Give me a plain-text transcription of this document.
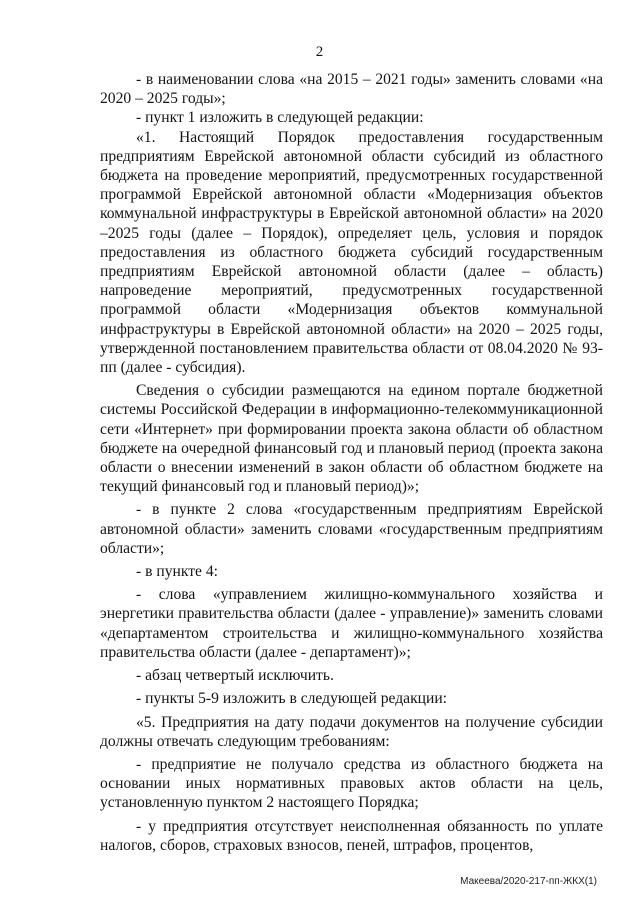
2

- в наименовании слова «на 2015 – 2021 годы» заменить словами «на 2020 – 2025 годы»;

- пункт 1 изложить в следующей редакции:

«1. Настоящий Порядок предоставления государственным предприятиям Еврейской автономной области субсидий из областного бюджета на проведение мероприятий, предусмотренных государственной программой Еврейской автономной области «Модернизация объектов коммунальной инфраструктуры в Еврейской автономной области» на 2020 –2025 годы (далее – Порядок), определяет цель, условия и порядок предоставления из областного бюджета субсидий государственным предприятиям Еврейской автономной области (далее – область) напроведение мероприятий, предусмотренных государственной программой области «Модернизация объектов коммунальной инфраструктуры в Еврейской автономной области» на 2020 – 2025 годы, утвержденной постановлением правительства области от 08.04.2020 № 93-пп (далее - субсидия).

Сведения о субсидии размещаются на едином портале бюджетной системы Российской Федерации в информационно-телекоммуникационной сети «Интернет» при формировании проекта закона области об областном бюджете на очередной финансовый год и плановый период (проекта закона области о внесении изменений в закон области об областном бюджете на текущий финансовый год и плановый период)»;

- в пункте 2 слова «государственным предприятиям Еврейской автономной области» заменить словами «государственным предприятиям области»;

- в пункте 4:

- слова «управлением жилищно-коммунального хозяйства и энергетики правительства области (далее - управление)» заменить словами «департаментом строительства и жилищно-коммунального хозяйства правительства области (далее - департамент)»;

- абзац четвертый исключить.

- пункты 5-9 изложить в следующей редакции:

«5. Предприятия на дату подачи документов на получение субсидии должны отвечать следующим требованиям:

- предприятие не получало средства из областного бюджета на основании иных нормативных правовых актов области на цель, установленную пунктом 2 настоящего Порядка;

- у предприятия отсутствует неисполненная обязанность по уплате налогов, сборов, страховых взносов, пеней, штрафов, процентов,

Макеева/2020-217-пп-ЖКХ(1)
